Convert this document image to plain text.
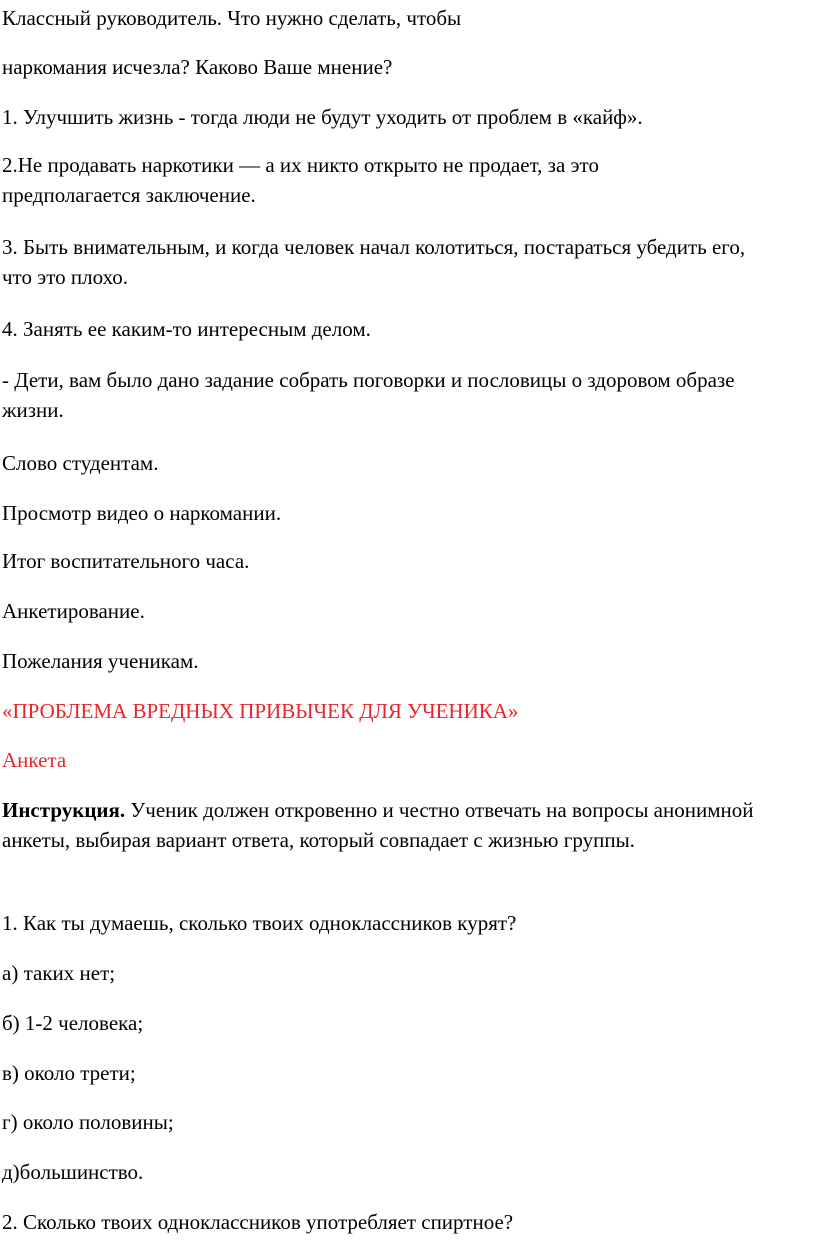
Классный руководитель. Что нужно сделать, чтобы

наркомания исчезла? Каково Ваше мнение?

1. Улучшить жизнь - тогда люди не будут уходить от проблем в «кайф».

2.Не продавать наркотики — а их никто открыто не продает, за это предполагается заключение.

3. Быть внимательным, и когда человек начал колотиться, постараться убедить его, что это плохо.

4. Занять ее каким-то интересным делом.

- Дети, вам было дано задание собрать поговорки и пословицы о здоровом образе жизни.

Слово студентам.

Просмотр видео о наркомании.

Итог воспитательного часа.

Анкетирование.

Пожелания ученикам.

«ПРОБЛЕМА ВРЕДНЫХ ПРИВЫЧЕК ДЛЯ УЧЕНИКА»

Анкета

Инструкция. Ученик должен откровенно и честно отвечать на вопросы анонимной анкеты, выбирая вариант ответа, который совпадает с жизнью группы.

1. Как ты думаешь, сколько твоих одноклассников курят?

а) таких нет;

б) 1-2 человека;

в) около трети;

г) около половины;

д)большинство.

2. Сколько твоих одноклассников употребляет спиртное?
